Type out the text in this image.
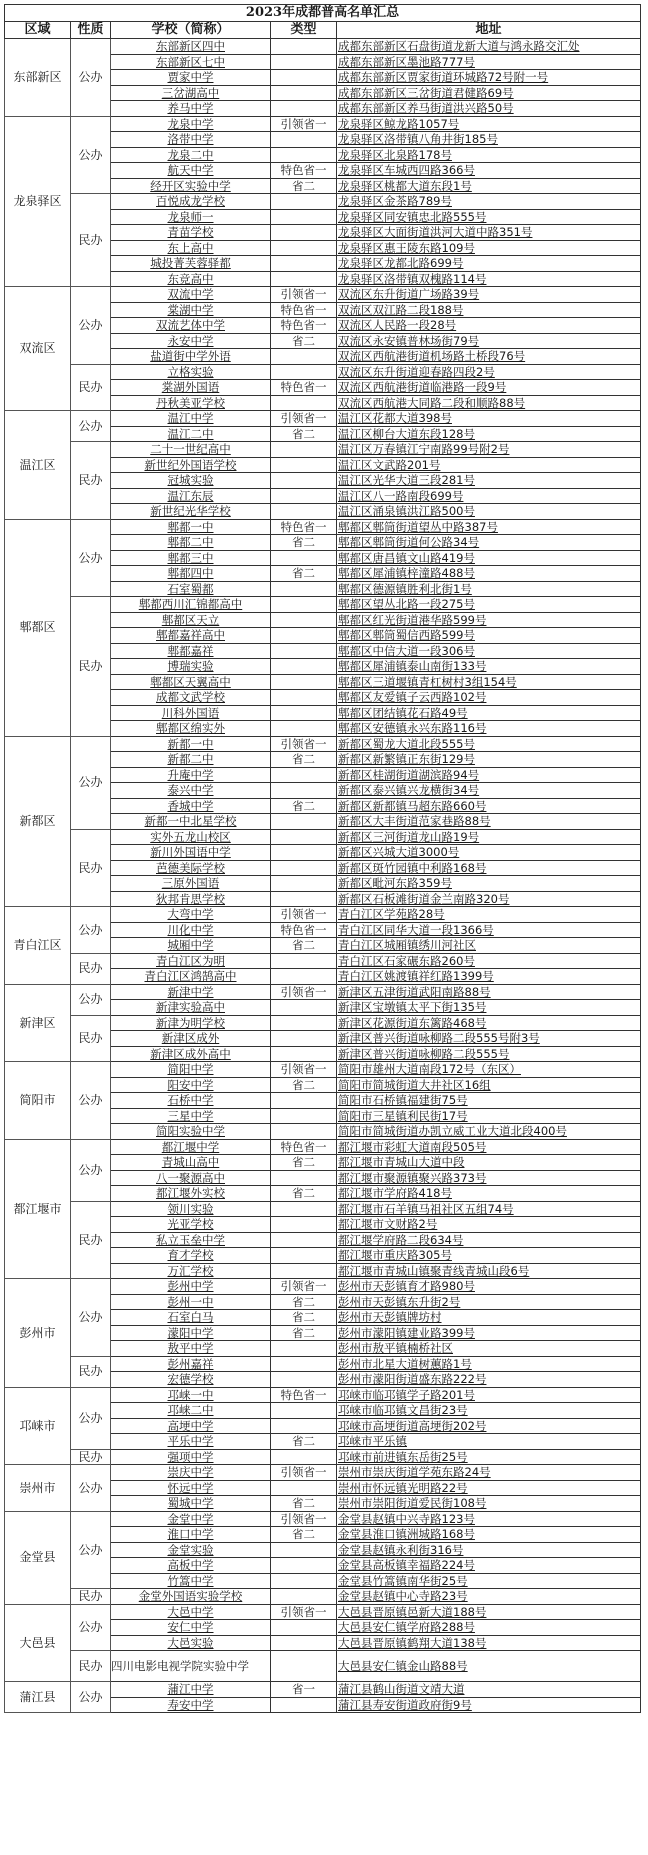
2023年成都普高名单汇总				
区域	性质	学校（简称）	类型	地址
东部新区	公办	东部新区四中		成都东部新区石盘街道龙新大道与鸿永路交汇处
		东部新区七中		成都东部新区墨池路777号
		贾家中学		成都东部新区贾家街道环城路72号附一号
		三岔湖高中		成都东部新区三岔街道君健路69号
		养马中学		成都东部新区养马街道洪兴路50号
龙泉驿区	公办	龙泉中学	引领省一	龙泉驿区鲸龙路1057号
		洛带中学		龙泉驿区洛带镇八角井街185号
		龙泉二中		龙泉驿区北泉路178号
		航天中学	特色省一	龙泉驿区车城西四路366号
		经开区实验中学	省二	龙泉驿区桃都大道东段1号
	民办	百悦成龙学校		龙泉驿区金茶路789号
		龙泉师一		龙泉驿区同安镇忠北路555号
		青苗学校		龙泉驿区大面街道洪河大道中路351号
		东上高中		龙泉驿区惠王陵东路109号
		城投菁芙蓉驿都		龙泉驿区龙都北路699号
		东竞高中		龙泉驿区洛带镇双槐路114号
双流区	公办	双流中学	引领省一	双流区东升街道广场路39号
		棠湖中学	特色省一	双流区双江路二段188号
		双流艺体中学	特色省一	双流区人民路一段28号
		永安中学	省二	双流区永安镇普林场街79号
		盐道街中学外语		双流区西航港街道机场路土桥段76号
	民办	立格实验		双流区东升街道迎春路四段2号
		棠湖外国语	特色省一	双流区西航港街道临港路一段9号
		丹秋美亚学校		双流区西航港大同路二段和顺路88号
温江区	公办	温江中学	引领省一	温江区花都大道398号
		温江二中	省二	温江区柳台大道东段128号
	民办	二十一世纪高中		温江区万春镇江宁南路99号附2号
		新世纪外国语学校		温江区文武路201号
		冠城实验		温江区光华大道三段281号
		温江东辰		温江区八一路南段699号
		新世纪光华学校		温江区涌泉镇洪江路500号
郫都区	公办	郫都一中	特色省一	郫都区郫筒街道望丛中路387号
		郫都二中	省二	郫都区郫筒街道何公路34号
		郫都三中		郫都区唐昌镇文山路419号
		郫都四中	省二	郫都区犀浦镇梓潼路488号
		石室蜀都		郫都区德源镇胜利北街1号
	民办	郫都西川汇锦都高中		郫都区望丛北路一段275号
		郫都区天立		郫都区红光街道港华路599号
		郫都嘉祥高中		郫都区郫筒蜀信西路599号
		郫都嘉祥		郫都区中信大道一段306号
		博瑞实验		郫都区犀浦镇泰山南街133号
		郫都区天翼高中		郫都区三道堰镇青杠树村3组154号
		成都文武学校		郫都区友爱镇子云西路102号
		川科外国语		郫都区团结镇花石路49号
		郫都区绵实外		郫都区安德镇永兴东路116号
新都区	公办	新都一中	引领省一	新都区蜀龙大道北段555号
		新都二中	省二	新都区新繁镇正东街129号
		升庵中学		新都区桂湖街道湖滨路94号
		泰兴中学		新都区泰兴镇兴龙横街34号
		香城中学	省二	新都区新都镇马超东路660号
		新都一中北星学校		新都区大丰街道范家巷路88号
	民办	实外五龙山校区		新都区三河街道龙山路19号
		新川外国语中学		新都区兴城大道3000号
		芭德美际学校		新都区斑竹园镇中利路168号
		三原外国语		新都区毗河东路359号
		狄邦肯思学校		新都区石板滩街道金兰南路320号
青白江区	公办	大弯中学	引领省一	青白江区学苑路28号
		川化中学	特色省一	青白江区同华大道一段1366号
		城厢中学	省二	青白江区城厢镇绣川河社区
	民办	青白江区为明		青白江区石家碾东路260号
		青白江区鸿鹄高中		青白江区姚渡镇祥红路1399号
新津区	公办	新津中学	引领省一	新津区五津街道武阳南路88号
		新津实验高中		新津区宝墩镇太平下街135号
	民办	新津为明学校		新津区花源街道东篱路468号
		新津区成外		新津区普兴街道咏柳路二段555号附3号
		新津区成外高中		新津区普兴街道咏柳路二段555号
简阳市	公办	简阳中学	引领省一	简阳市雄州大道南段172号（东区）
		阳安中学	省二	简阳市简城街道大井社区16组
		石桥中学		简阳市石桥镇福建街75号
		三星中学		简阳市三星镇利民街17号
		简阳实验中学		简阳市简城街道办凯立威工业大道北段400号
都江堰市	公办	都江堰中学	特色省一	都江堰市彩虹大道南段505号
		青城山高中	省二	都江堰市青城山大道中段
		八一聚源高中		都江堰市聚源镇聚兴路373号
		都江堰外实校	省二	都江堰市学府路418号
	民办	领川实验		都江堰市石羊镇马祖社区五组74号
		光亚学校		都江堰市文财路2号
		私立玉垒中学		都江堰学府路二段634号
		育才学校		都江堰市重庆路305号
		万汇学校		都江堰市青城山镇聚青线青城山段6号
彭州市	公办	彭州中学	引领省一	彭州市天彭镇育才路980号
		彭州一中	省二	彭州市天彭镇东升街2号
		石室白马	省二	彭州市天彭镇牌坊村
		濛阳中学	省二	彭州市濛阳镇建业路399号
		敖平中学		彭州市敖平镇楠桥社区
	民办	彭州嘉祥		彭州市北星大道树蕙路1号
		宏德学校		彭州市濛阳街道盛东路222号
邛崃市	公办	邛崃一中	特色省一	邛崃市临邛镇学子路201号
		邛崃二中		邛崃市临邛镇文昌街23号
		高埂中学		邛崃市高埂街道高埂街202号
		平乐中学	省二	邛崃市平乐镇
	民办	强项中学		邛崃市前进镇东岳街25号
崇州市	公办	崇庆中学	引领省一	崇州市崇庆街道学苑东路24号
		怀远中学		崇州市怀远镇光明路22号
		蜀城中学	省二	崇州市崇阳街道爱民街108号
金堂县	公办	金堂中学	引领省一	金堂县赵镇中兴寺路123号
		淮口中学	省二	金堂县淮口镇洲城路168号
		金堂实验		金堂县赵镇永利街316号
		高板中学		金堂县高板镇幸福路224号
		竹篙中学		金堂县竹篙镇南华街25号
	民办	金堂外国语实验学校		金堂县赵镇中心寺路23号
大邑县	公办	大邑中学	引领省一	大邑县晋原镇邑新大道188号
		安仁中学		大邑县安仁镇学府路288号
		大邑实验		大邑县晋原镇鹤翔大道138号
	民办	四川电影电视学院实验中学		大邑县安仁镇金山路88号
蒲江县	公办	蒲江中学	省一	蒲江县鹤山街道文靖大道
		寿安中学		蒲江县寿安街道政府街9号
